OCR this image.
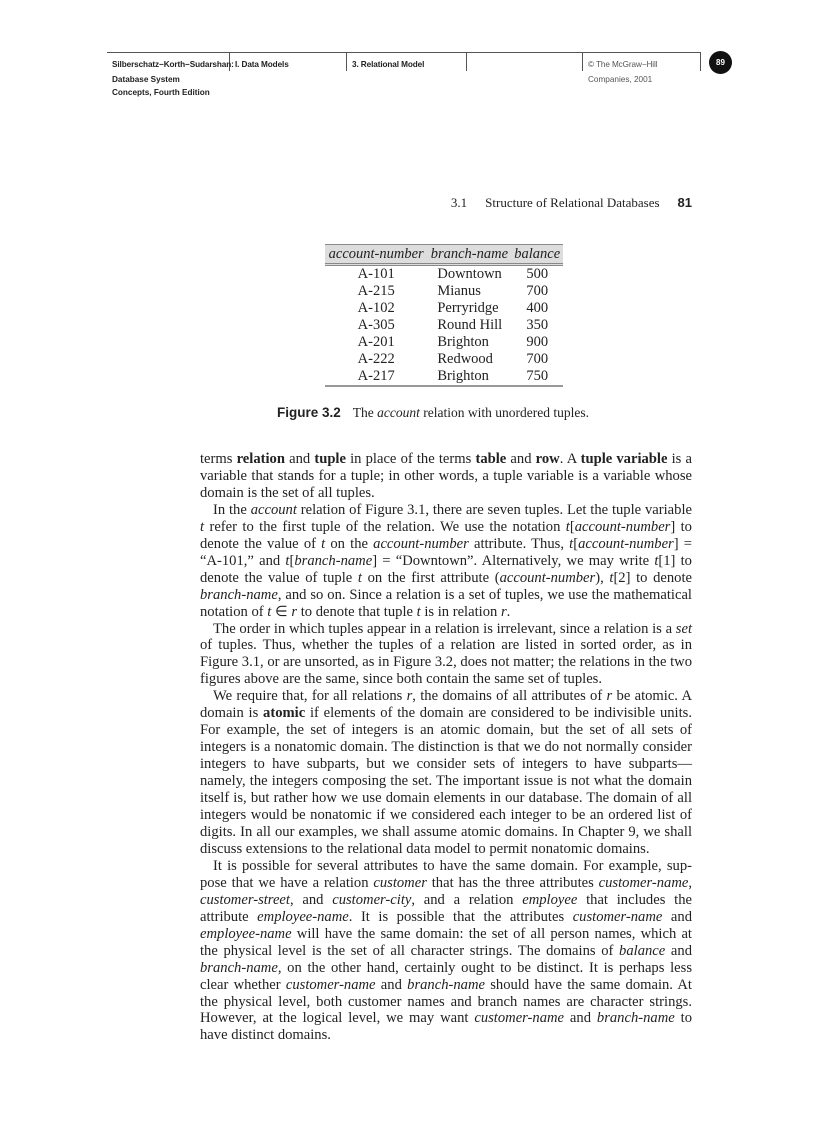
Silberschatz−Korth−Sudarshan: I. Data Models	3. Relational Model	© The McGraw−Hill
Database System
Concepts, Fourth Edition
Companies, 2001
89
3.1 Structure of Relational Databases 81
account-number	branch-name	balance
A-101	Downtown	500
A-215	Mianus	700
A-102	Perryridge	400
A-305	Round Hill	350
A-201	Brighton	900
A-222	Redwood	700
A-217	Brighton	750
Figure 3.2 The account relation with unordered tuples.

terms relation and tuple in place of the terms table and row. A tuple variable is a variable that stands for a tuple; in other words, a tuple variable is a variable whose domain is the set of all tuples.

In the account relation of Figure 3.1, there are seven tuples. Let the tuple variable t refer to the first tuple of the relation. We use the notation t[account-number] to denote the value of t on the account-number attribute. Thus, t[account-number] = “A-101,” and t[branch-name] = “Downtown”. Alternatively, we may write t[1] to denote the value of tuple t on the first attribute (account-number), t[2] to denote branch-name, and so on. Since a relation is a set of tuples, we use the mathematical notation of t ∈ r to denote that tuple t is in relation r.

The order in which tuples appear in a relation is irrelevant, since a relation is a set of tuples. Thus, whether the tuples of a relation are listed in sorted order, as in Figure 3.1, or are unsorted, as in Figure 3.2, does not matter; the relations in the two figures above are the same, since both contain the same set of tuples.

We require that, for all relations r, the domains of all attributes of r be atomic. A domain is atomic if elements of the domain are considered to be indivisible units. For example, the set of integers is an atomic domain, but the set of all sets of integers is a nonatomic domain. The distinction is that we do not normally consider integers to have subparts, but we consider sets of integers to have subparts—namely, the integers composing the set. The important issue is not what the domain itself is, but rather how we use domain elements in our database. The domain of all integers would be nonatomic if we considered each integer to be an ordered list of digits. In all our examples, we shall assume atomic domains. In Chapter 9, we shall discuss extensions to the relational data model to permit nonatomic domains.

It is possible for several attributes to have the same domain. For example, suppose that we have a relation customer that has the three attributes customer-name, customer-street, and customer-city, and a relation employee that includes the attribute employee-name. It is possible that the attributes customer-name and employee-name will have the same domain: the set of all person names, which at the physical level is the set of all character strings. The domains of balance and branch-name, on the other hand, certainly ought to be distinct. It is perhaps less clear whether customer-name and branch-name should have the same domain. At the physical level, both customer names and branch names are character strings. However, at the logical level, we may want customer-name and branch-name to have distinct domains.
